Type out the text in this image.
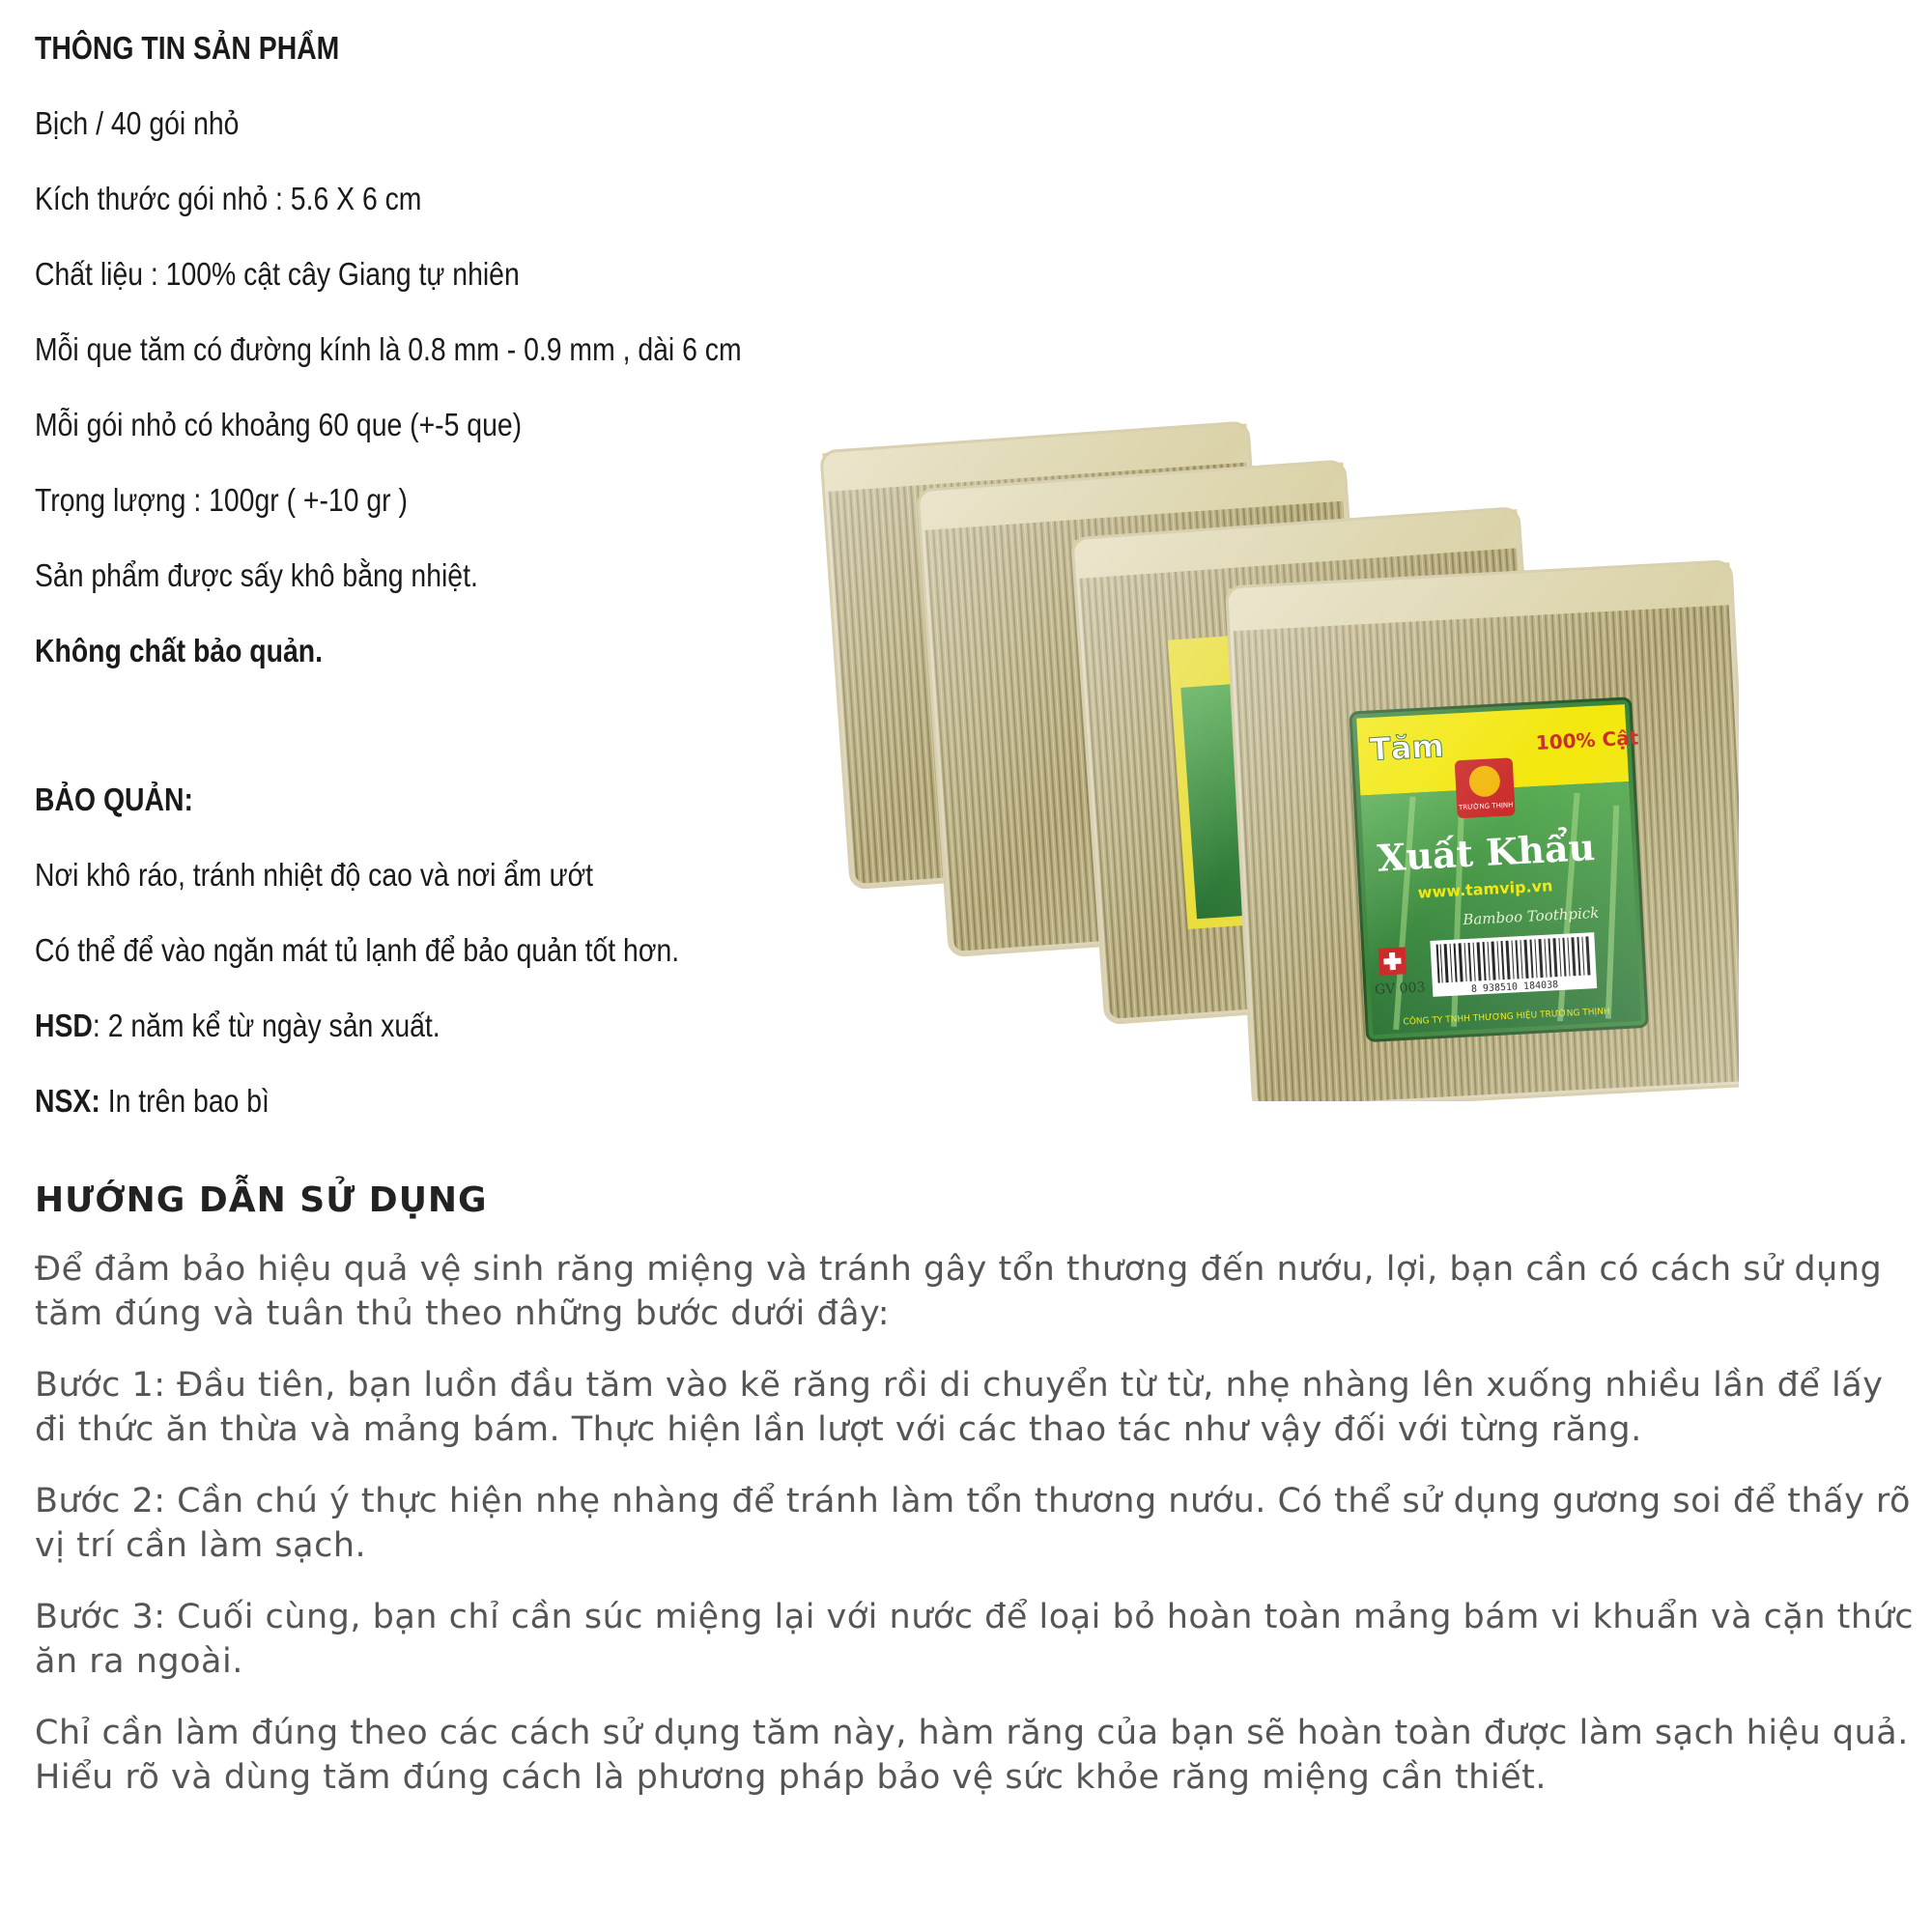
THÔNG TIN SẢN PHẨM
Bịch / 40 gói nhỏ
Kích thước gói nhỏ : 5.6 X 6 cm
Chất liệu : 100% cật cây Giang tự nhiên
Mỗi que tăm có đường kính là 0.8 mm - 0.9 mm , dài 6 cm
Mỗi gói nhỏ có khoảng 60 que (+-5 que)
Trọng lượng : 100gr ( +-10 gr )
Sản phẩm được sấy khô bằng nhiệt.
Không chất bảo quản.
BẢO QUẢN:
Nơi khô ráo, tránh nhiệt độ cao và nơi ẩm ướt
Có thể để vào ngăn mát tủ lạnh để bảo quản tốt hơn.
HSD: 2 năm kể từ ngày sản xuất.
NSX: In trên bao bì
HƯỚNG DẪN SỬ DỤNG

Để đảm bảo hiệu quả vệ sinh răng miệng và tránh gây tổn thương đến nướu, lợi, bạn cần có cách sử dụng tăm đúng và tuân thủ theo những bước dưới đây:

Bước 1: Đầu tiên, bạn luồn đầu tăm vào kẽ răng rồi di chuyển từ từ, nhẹ nhàng lên xuống nhiều lần để lấy đi thức ăn thừa và mảng bám. Thực hiện lần lượt với các thao tác như vậy đối với từng răng.

Bước 2: Cần chú ý thực hiện nhẹ nhàng để tránh làm tổn thương nướu. Có thể sử dụng gương soi để thấy rõ vị trí cần làm sạch.

Bước 3: Cuối cùng, bạn chỉ cần súc miệng lại với nước để loại bỏ hoàn toàn mảng bám vi khuẩn và cặn thức ăn ra ngoài.

Chỉ cần làm đúng theo các cách sử dụng tăm này, hàm răng của bạn sẽ hoàn toàn được làm sạch hiệu quả. Hiểu rõ và dùng tăm đúng cách là phương pháp bảo vệ sức khỏe răng miệng cần thiết.
